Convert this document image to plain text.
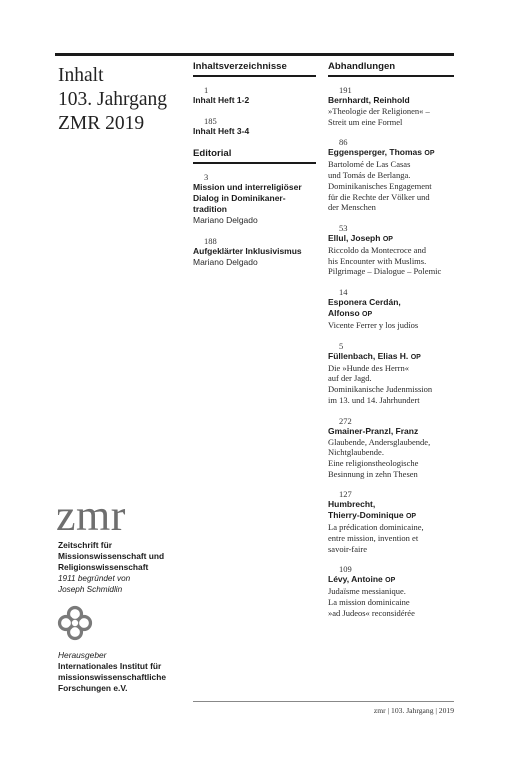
Inhalt
103. Jahrgang
ZMR 2019
Inhaltsverzeichnisse
1
Inhalt Heft 1-2
185
Inhalt Heft 3-4
Editorial
3
Mission und interreligiöser
Dialog in Dominikaner-
tradition
Mariano Delgado
188
Aufgeklärter Inklusivismus
Mariano Delgado
Abhandlungen
191
Bernhardt, Reinhold
»Theologie der Religionen« –
Streit um eine Formel
86
Eggensperger, Thomas OP
Bartolomé de Las Casas
und Tomás de Berlanga.
Dominikanisches Engagement
für die Rechte der Völker und
der Menschen
53
Ellul, Joseph OP
Riccoldo da Montecroce and
his Encounter with Muslims.
Pilgrimage – Dialogue – Polemic
14
Esponera Cerdán,
Alfonso OP
Vicente Ferrer y los judíos
5
Füllenbach, Elias H. OP
Die »Hunde des Herrn«
auf der Jagd.
Dominikanische Judenmission
im 13. und 14. Jahrhundert
272
Gmainer-Pranzl, Franz
Glaubende, Andersglaubende,
Nichtglaubende.
Eine religionstheologische
Besinnung in zehn Thesen
127
Humbrecht,
Thierry-Dominique OP
La prédication dominicaine,
entre mission, invention et
savoir-faire
109
Lévy, Antoine OP
Judaïsme messianique.
La mission dominicaine
»ad Judeos« reconsidérée
zmr
Zeitschrift für
Missionswissenschaft und
Religionswissenschaft
1911 begründet von
Joseph Schmidlin
Herausgeber
Internationales Institut für
missionswissenschaftliche
Forschungen e.V.
zmr | 103. Jahrgang | 2019
